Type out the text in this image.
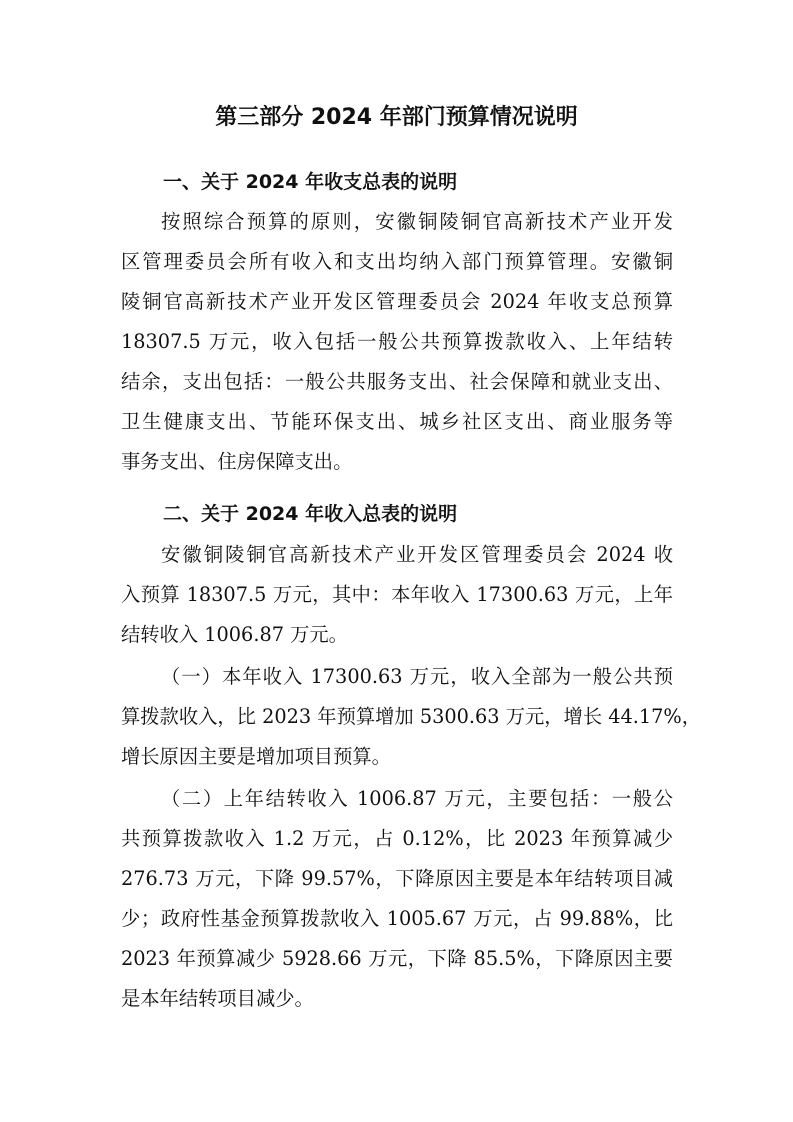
第三部分 2024 年部门预算情况说明
一、关于 2024 年收支总表的说明
按照综合预算的原则，安徽铜陵铜官高新技术产业开发
区管理委员会所有收入和支出均纳入部门预算管理。安徽铜
陵铜官高新技术产业开发区管理委员会 2024 年收支总预算
18307.5 万元，收入包括一般公共预算拨款收入、上年结转
结余，支出包括：一般公共服务支出、社会保障和就业支出、
卫生健康支出、节能环保支出、城乡社区支出、商业服务等
事务支出、住房保障支出。
二、关于 2024 年收入总表的说明
安徽铜陵铜官高新技术产业开发区管理委员会 2024 收
入预算 18307.5 万元，其中：本年收入 17300.63 万元，上年
结转收入 1006.87 万元。
（一）本年收入 17300.63 万元，收入全部为一般公共预
算拨款收入，比 2023 年预算增加 5300.63 万元，增长 44.17%，
增长原因主要是增加项目预算。
（二）上年结转收入 1006.87 万元，主要包括：一般公
共预算拨款收入 1.2 万元，占 0.12%，比 2023 年预算减少
276.73 万元，下降 99.57%，下降原因主要是本年结转项目减
少；政府性基金预算拨款收入 1005.67 万元，占 99.88%，比
2023 年预算减少 5928.66 万元，下降 85.5%，下降原因主要
是本年结转项目减少。
